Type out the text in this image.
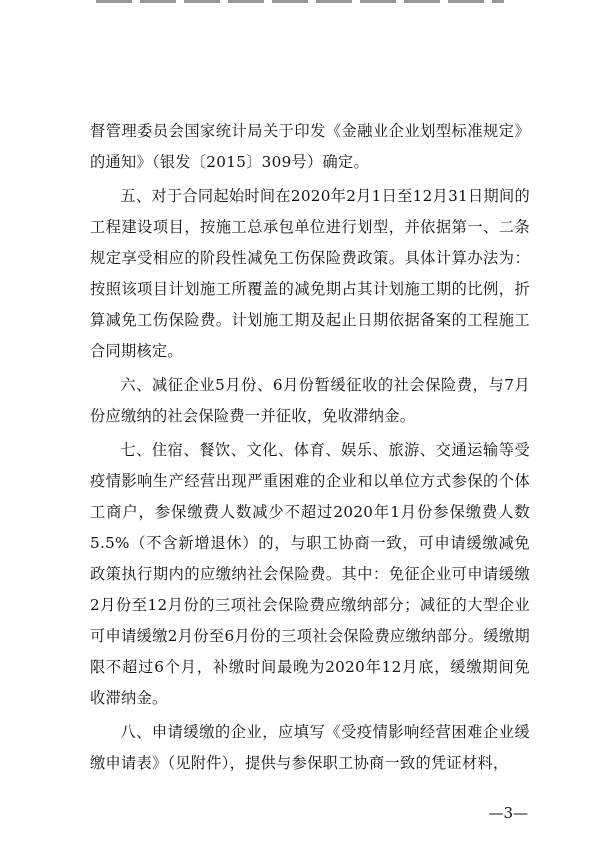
督管理委员会国家统计局关于印发《金融业企业划型标准规定》的通知》（银发〔2015〕309号）确定。

五、对于合同起始时间在2020年2月1日至12月31日期间的工程建设项目，按施工总承包单位进行划型，并依据第一、二条规定享受相应的阶段性减免工伤保险费政策。具体计算办法为：按照该项目计划施工所覆盖的减免期占其计划施工期的比例，折算减免工伤保险费。计划施工期及起止日期依据备案的工程施工合同期核定。

六、减征企业5月份、6月份暂缓征收的社会保险费，与7月份应缴纳的社会保险费一并征收，免收滞纳金。

七、住宿、餐饮、文化、体育、娱乐、旅游、交通运输等受疫情影响生产经营出现严重困难的企业和以单位方式参保的个体工商户，参保缴费人数减少不超过2020年1月份参保缴费人数5.5%（不含新增退休）的，与职工协商一致，可申请缓缴减免政策执行期内的应缴纳社会保险费。其中：免征企业可申请缓缴2月份至12月份的三项社会保险费应缴纳部分；减征的大型企业可申请缓缴2月份至6月份的三项社会保险费应缴纳部分。缓缴期限不超过6个月，补缴时间最晚为2020年12月底，缓缴期间免收滞纳金。

八、申请缓缴的企业，应填写《受疫情影响经营困难企业缓缴申请表》（见附件），提供与参保职工协商一致的凭证材料，

—3—
